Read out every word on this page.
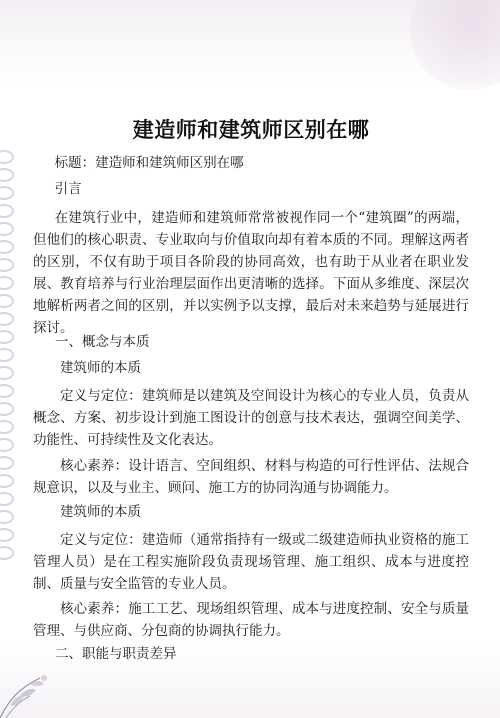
建造师和建筑师区别在哪

标题：建造师和建筑师区别在哪

引言

在建筑行业中，建造师和建筑师常常被视作同一个“建筑圈”的两端，但他们的核心职责、专业取向与价值取向却有着本质的不同。理解这两者的区别，不仅有助于项目各阶段的协同高效，也有助于从业者在职业发展、教育培养与行业治理层面作出更清晰的选择。下面从多维度、深层次地解析两者之间的区别，并以实例予以支撑，最后对未来趋势与延展进行探讨。

一、概念与本质

建筑师的本质

定义与定位：建筑师是以建筑及空间设计为核心的专业人员，负责从概念、方案、初步设计到施工图设计的创意与技术表达，强调空间美学、功能性、可持续性及文化表达。

核心素养：设计语言、空间组织、材料与构造的可行性评估、法规合规意识，以及与业主、顾问、施工方的协同沟通与协调能力。

建筑师的本质

定义与定位：建造师（通常指持有一级或二级建造师执业资格的施工管理人员）是在工程实施阶段负责现场管理、施工组织、成本与进度控制、质量与安全监管的专业人员。

核心素养：施工工艺、现场组织管理、成本与进度控制、安全与质量管理、与供应商、分包商的协调执行能力。

二、职能与职责差异
